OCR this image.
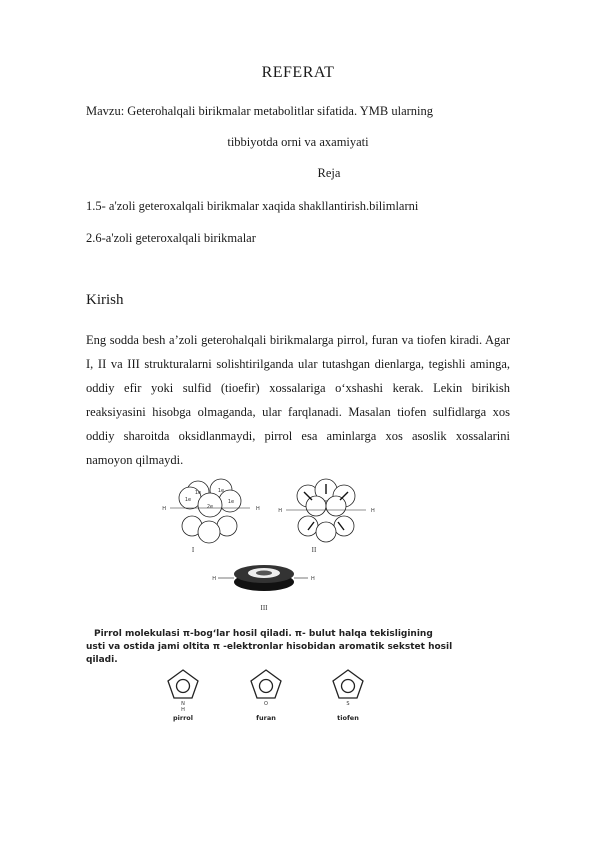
REFERAT
Mavzu: Geterohalqali birikmalar metabolitlar sifatida. YMB ularning
tibbiyotda orni va axamiyati
Reja
1.5- a'zoli geteroxalqali birikmalar xaqida shakllantirish.bilimlarni
2.6-a'zoli geteroxalqali birikmalar
Kirish
Eng sodda besh a’zoli geterohalqali birikmalarga pirrol, furan va tiofen kiradi. Agar I, II va III strukturalarni solishtirilganda ular tutashgan dienlarga, tegishli aminga, oddiy efir yoki sulfid (tioefir) xossalariga o‘xshashi kerak. Lekin birikish reaksiyasini hisobga olmaganda, ular farqlanadi. Masalan tiofen sulfidlarga xos oddiy sharoitda oksidlanmaydi, pirrol esa aminlarga xos asoslik xossalarini namoyon qilmaydi.
1e	1e
1e	1e
2e
H	H
I
H	H
II
H	H
III
Pirrol molekulasi π-bog‘lar hosil qiladi. π- bulut halqa tekisligining
usti va ostida jami oltita π -elektronlar hisobidan aromatik sekstet hosil
qiladi.
N
H
pirrol
O
furan
S
tiofen
